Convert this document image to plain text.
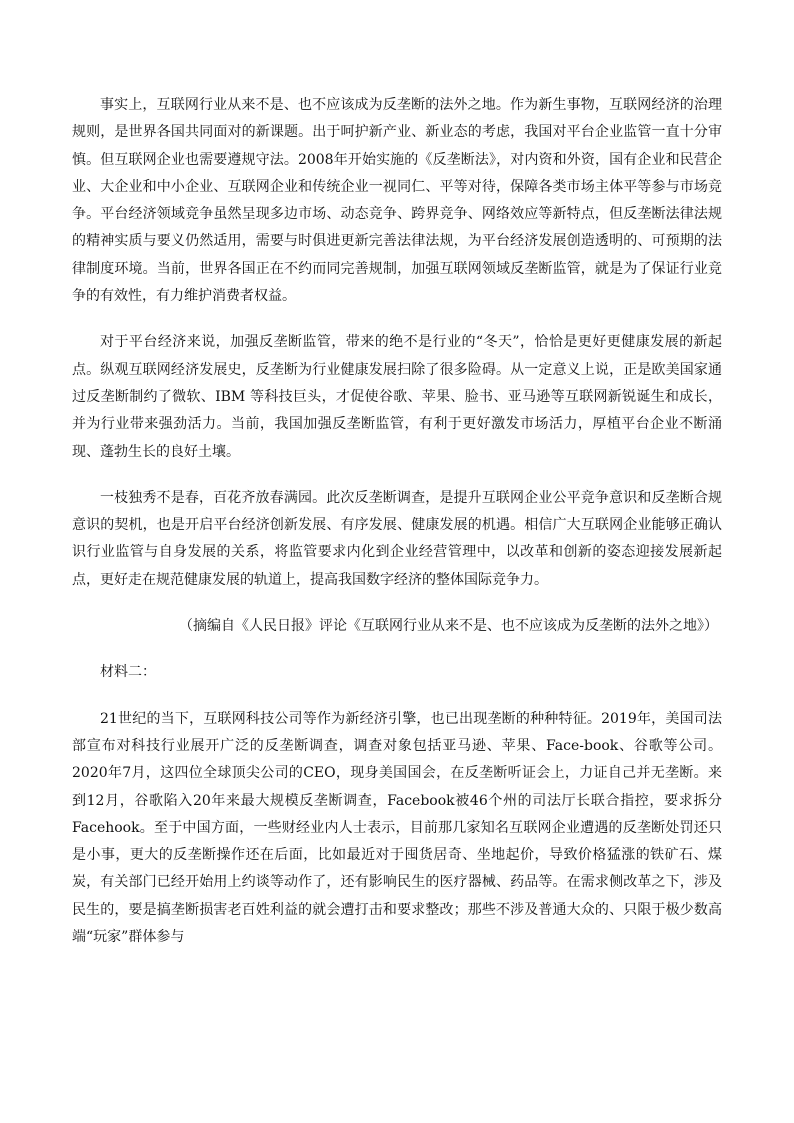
事实上，互联网行业从来不是、也不应该成为反垄断的法外之地。作为新生事物，互联网经济的治理规则，是世界各国共同面对的新课题。出于呵护新产业、新业态的考虑，我国对平台企业监管一直十分审慎。但互联网企业也需要遵规守法。2008年开始实施的《反垄断法》，对内资和外资，国有企业和民营企业、大企业和中小企业、互联网企业和传统企业一视同仁、平等对待，保障各类市场主体平等参与市场竞争。平台经济领域竞争虽然呈现多边市场、动态竞争、跨界竞争、网络效应等新特点，但反垄断法律法规的精神实质与要义仍然适用，需要与时俱进更新完善法律法规，为平台经济发展创造透明的、可预期的法律制度环境。当前，世界各国正在不约而同完善规制，加强互联网领域反垄断监管，就是为了保证行业竞争的有效性，有力维护消费者权益。

对于平台经济来说，加强反垄断监管，带来的绝不是行业的“冬天”，恰恰是更好更健康发展的新起点。纵观互联网经济发展史，反垄断为行业健康发展扫除了很多险碍。从一定意义上说，正是欧美国家通过反垄断制约了微软、IBM 等科技巨头，才促使谷歌、苹果、脸书、亚马逊等互联网新锐诞生和成长，并为行业带来强劲活力。当前，我国加强反垄断监管，有利于更好激发市场活力，厚植平台企业不断涌现、蓬勃生长的良好土壤。

一枝独秀不是春，百花齐放春满园。此次反垄断调查，是提升互联网企业公平竞争意识和反垄断合规意识的契机，也是开启平台经济创新发展、有序发展、健康发展的机遇。相信广大互联网企业能够正确认识行业监管与自身发展的关系，将监管要求内化到企业经营管理中，以改革和创新的姿态迎接发展新起点，更好走在规范健康发展的轨道上，提高我国数字经济的整体国际竞争力。

（摘编自《人民日报》评论《互联网行业从来不是、也不应该成为反垄断的法外之地》）

材料二：

21世纪的当下，互联网科技公司等作为新经济引擎，也已出现垄断的种种特征。2019年，美国司法部宣布对科技行业展开广泛的反垄断调查，调查对象包括亚马逊、苹果、Face-book、谷歌等公司。2020年7月，这四位全球顶尖公司的CEO，现身美国国会，在反垄断听证会上，力证自己并无垄断。来到12月，谷歌陷入20年来最大规模反垄断调查，Facebook被46个州的司法厅长联合指控，要求拆分Facehook。至于中国方面，一些财经业内人士表示，目前那几家知名互联网企业遭遇的反垄断处罚还只是小事，更大的反垄断操作还在后面，比如最近对于囤货居奇、坐地起价，导致价格猛涨的铁矿石、煤炭，有关部门已经开始用上约谈等动作了，还有影响民生的医疗器械、药品等。在需求侧改革之下，涉及民生的，要是搞垄断损害老百姓利益的就会遭打击和要求整改；那些不涉及普通大众的、只限于极少数高端“玩家”群体参与
